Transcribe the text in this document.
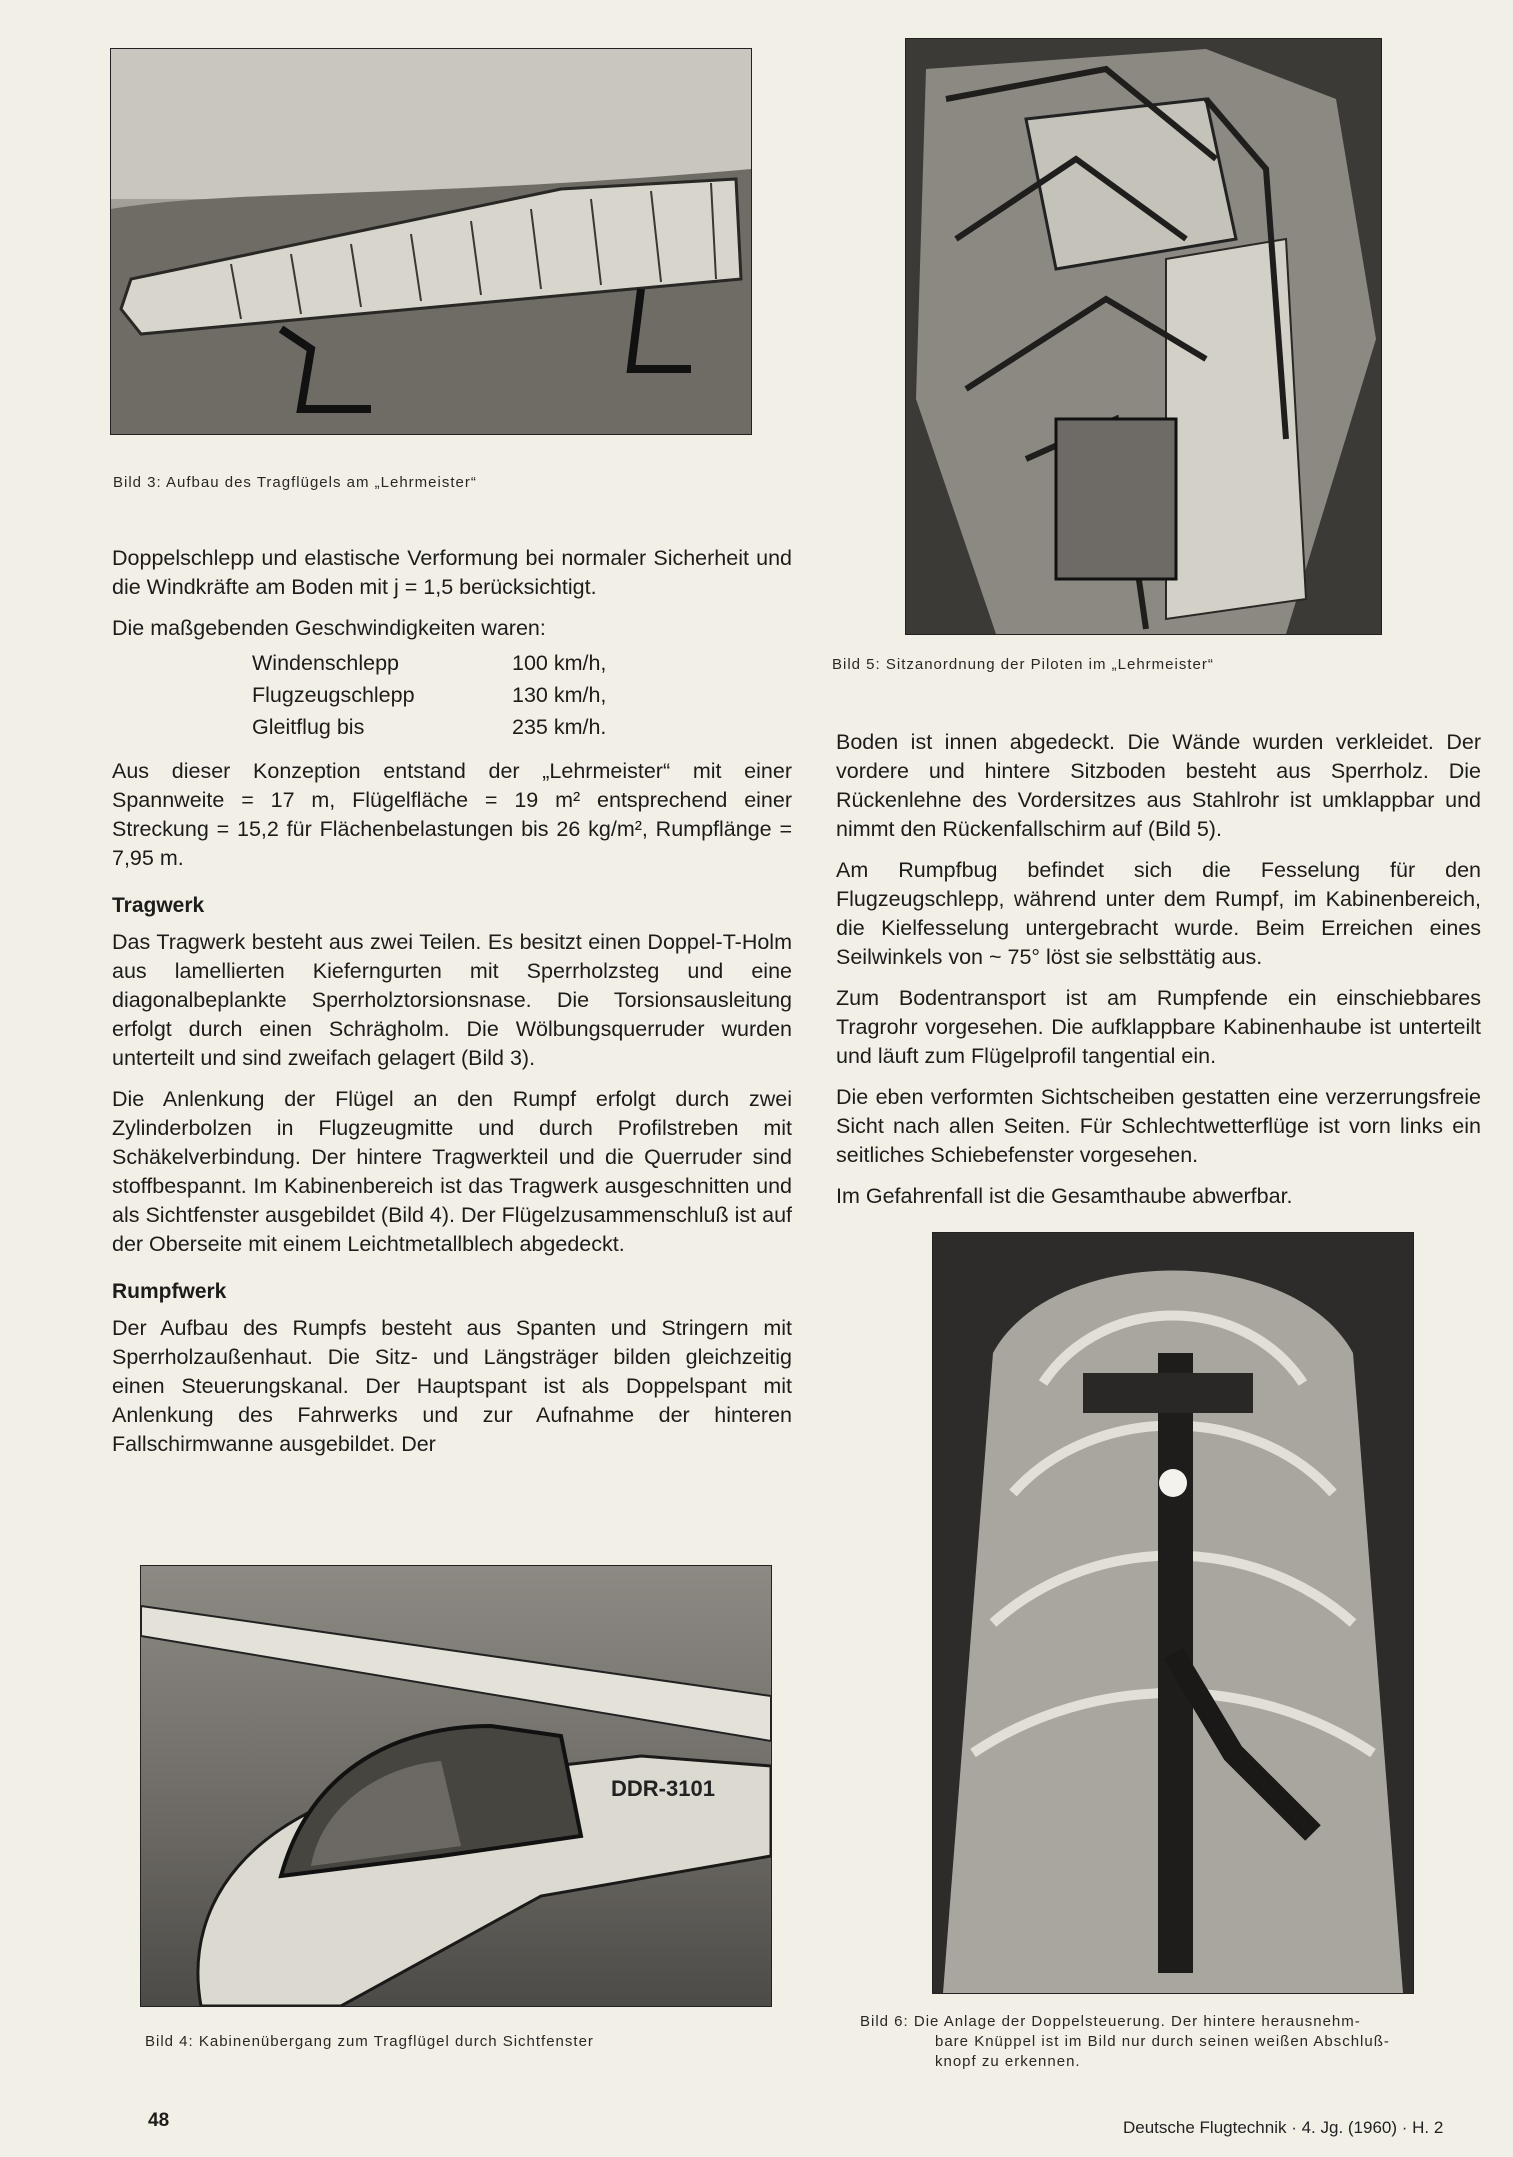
Bild 3: Aufbau des Tragflügels am „Lehrmeister“
Bild 5: Sitzanordnung der Piloten im „Lehrmeister“

Doppelschlepp und elastische Verformung bei normaler Sicherheit und die Windkräfte am Boden mit j = 1,5 berücksichtigt.

Die maßgebenden Geschwindigkeiten waren:

Windenschlepp	100 km/h,
Flugzeugschlepp	130 km/h,
Gleitflug bis	235 km/h.

Aus dieser Konzeption entstand der „Lehrmeister“ mit einer Spannweite = 17 m, Flügelfläche = 19 m² entsprechend einer Streckung = 15,2 für Flächenbelastungen bis 26 kg/m², Rumpflänge = 7,95 m.

Tragwerk

Das Tragwerk besteht aus zwei Teilen. Es besitzt einen Doppel-T-Holm aus lamellierten Kieferngurten mit Sperrholzsteg und eine diagonalbeplankte Sperrholztorsionsnase. Die Torsionsausleitung erfolgt durch einen Schrägholm. Die Wölbungsquerruder wurden unterteilt und sind zweifach gelagert (Bild 3).

Die Anlenkung der Flügel an den Rumpf erfolgt durch zwei Zylinderbolzen in Flugzeugmitte und durch Profilstreben mit Schäkelverbindung. Der hintere Tragwerkteil und die Querruder sind stoffbespannt. Im Kabinenbereich ist das Tragwerk ausgeschnitten und als Sichtfenster ausgebildet (Bild 4). Der Flügelzusammenschluß ist auf der Oberseite mit einem Leichtmetallblech abgedeckt.

Rumpfwerk

Der Aufbau des Rumpfs besteht aus Spanten und Stringern mit Sperrholzaußenhaut. Die Sitz- und Längsträger bilden gleichzeitig einen Steuerungskanal. Der Hauptspant ist als Doppelspant mit Anlenkung des Fahrwerks und zur Aufnahme der hinteren Fallschirmwanne ausgebildet. Der

Boden ist innen abgedeckt. Die Wände wurden verkleidet. Der vordere und hintere Sitzboden besteht aus Sperrholz. Die Rückenlehne des Vordersitzes aus Stahlrohr ist umklappbar und nimmt den Rückenfallschirm auf (Bild 5).

Am Rumpfbug befindet sich die Fesselung für den Flugzeugschlepp, während unter dem Rumpf, im Kabinenbereich, die Kielfesselung untergebracht wurde. Beim Erreichen eines Seilwinkels von ~ 75° löst sie selbsttätig aus.

Zum Bodentransport ist am Rumpfende ein einschiebbares Tragrohr vorgesehen. Die aufklappbare Kabinenhaube ist unterteilt und läuft zum Flügelprofil tangential ein.

Die eben verformten Sichtscheiben gestatten eine verzerrungsfreie Sicht nach allen Seiten. Für Schlechtwetterflüge ist vorn links ein seitliches Schiebefenster vorgesehen.

Im Gefahrenfall ist die Gesamthaube abwerfbar.

Bild 6: Die Anlage der Doppelsteuerung. Der hintere herausnehm-
bare Knüppel ist im Bild nur durch seinen weißen Abschluß-
knopf zu erkennen.
DDR-3101
Bild 4: Kabinenübergang zum Tragflügel durch Sichtfenster
48	Deutsche Flugtechnik · 4. Jg. (1960) · H. 2
